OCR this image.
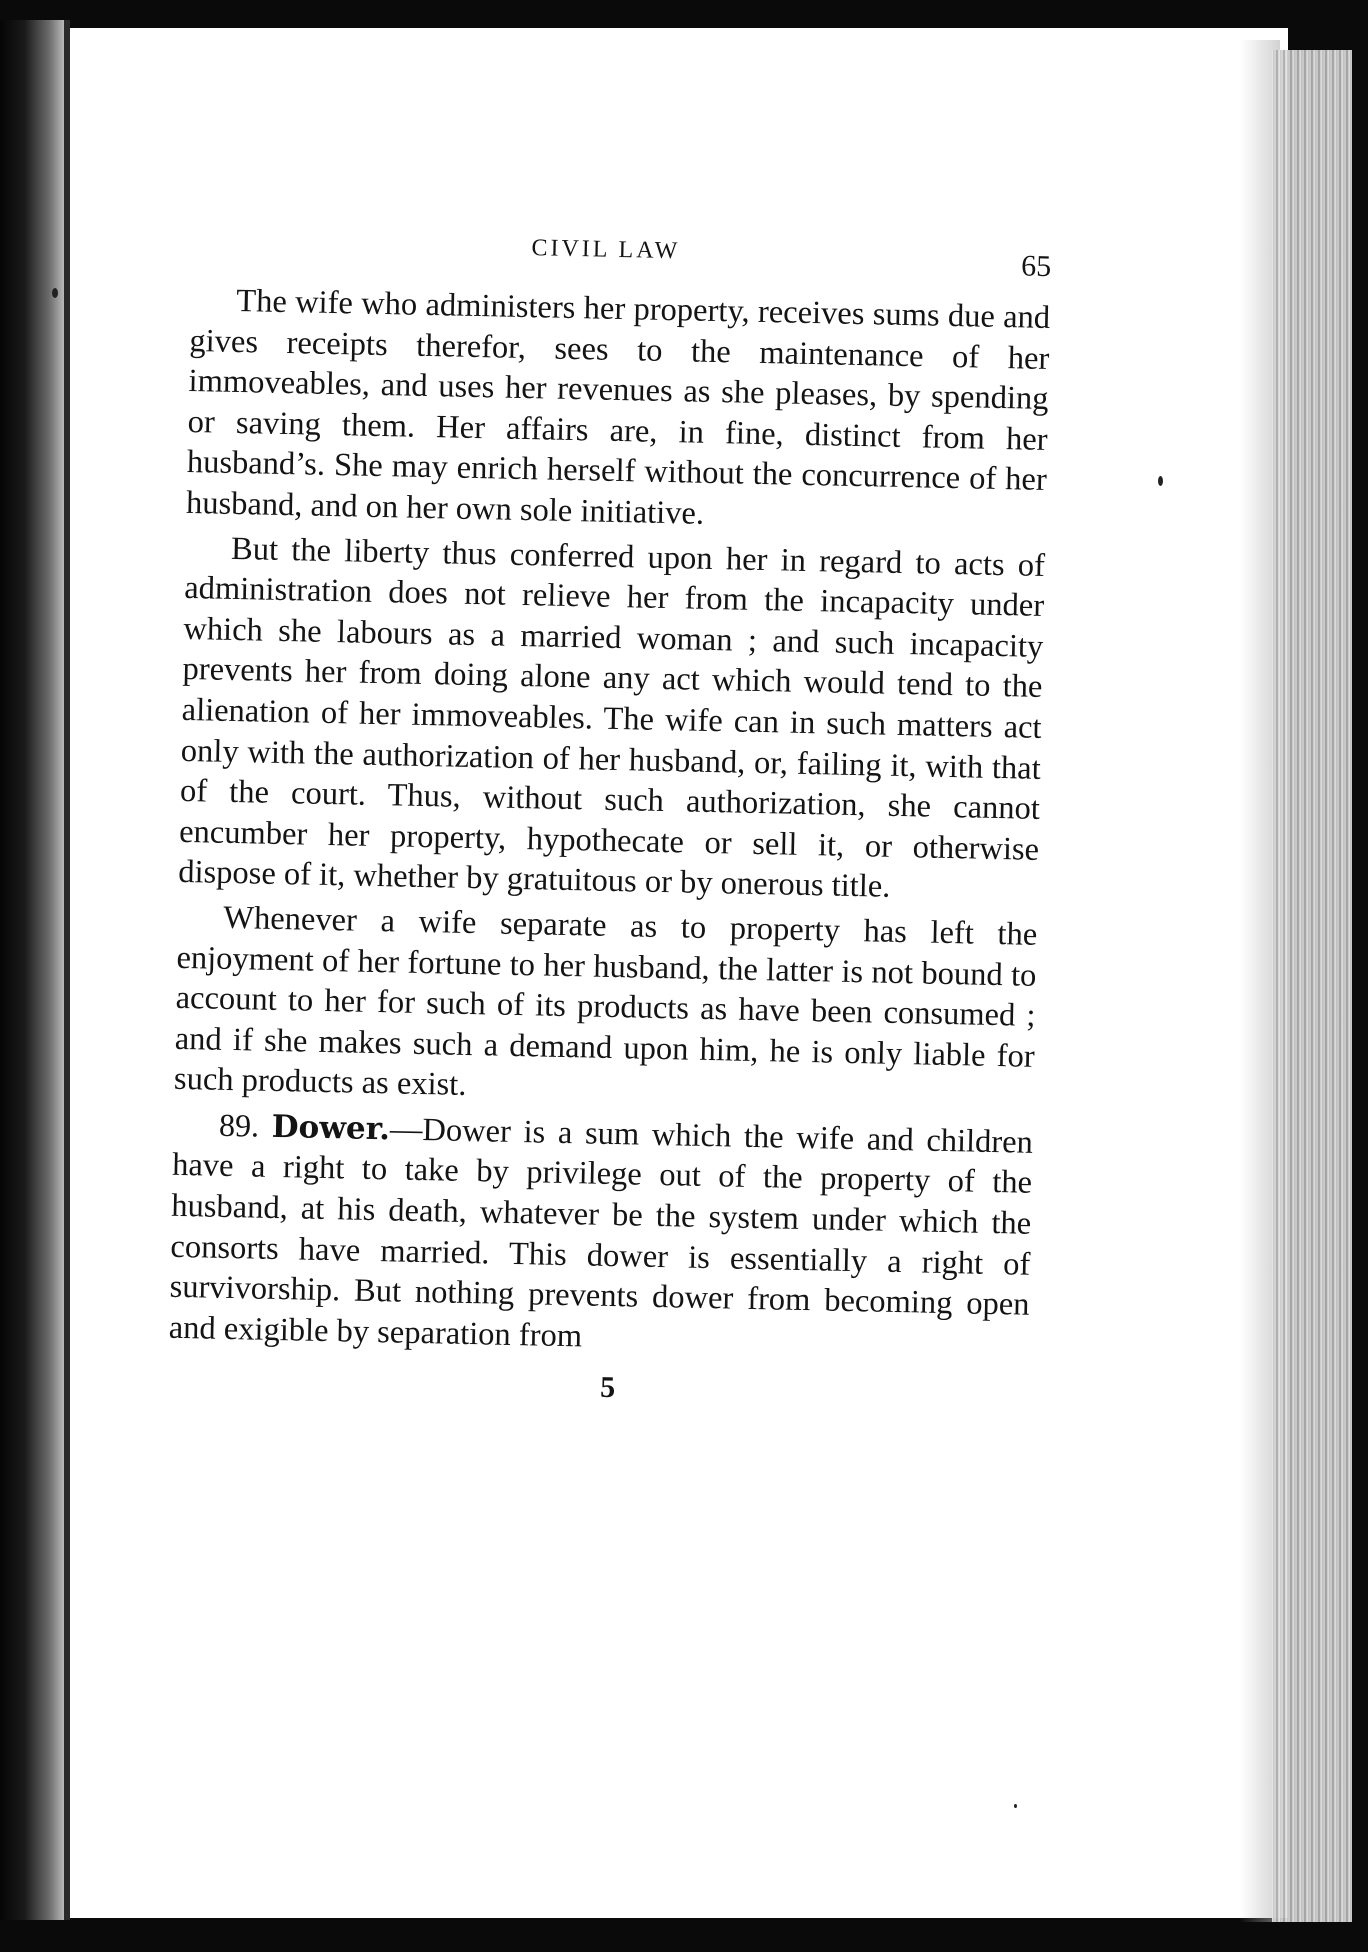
CIVIL LAW	65

The wife who administers her property, receives sums due and gives receipts therefor, sees to the maintenance of her immoveables, and uses her revenues as she pleases, by spending or saving them. Her affairs are, in fine, distinct from her husband’s. She may enrich herself without the concurrence of her husband, and on her own sole initiative.

But the liberty thus conferred upon her in regard to acts of administration does not relieve her from the incapacity under which she labours as a married woman ; and such incapacity prevents her from doing alone any act which would tend to the alienation of her immoveables. The wife can in such matters act only with the authorization of her husband, or, failing it, with that of the court. Thus, without such authorization, she cannot encumber her property, hypothecate or sell it, or otherwise dispose of it, whether by gratuitous or by onerous title.

Whenever a wife separate as to property has left the enjoyment of her fortune to her husband, the latter is not bound to account to her for such of its products as have been consumed ; and if she makes such a demand upon him, he is only liable for such products as exist.

89. Dower.—Dower is a sum which the wife and children have a right to take by privilege out of the property of the husband, at his death, whatever be the system under which the consorts have married. This dower is essentially a right of survivorship. But nothing prevents dower from becoming open and exigible by separation from

5
